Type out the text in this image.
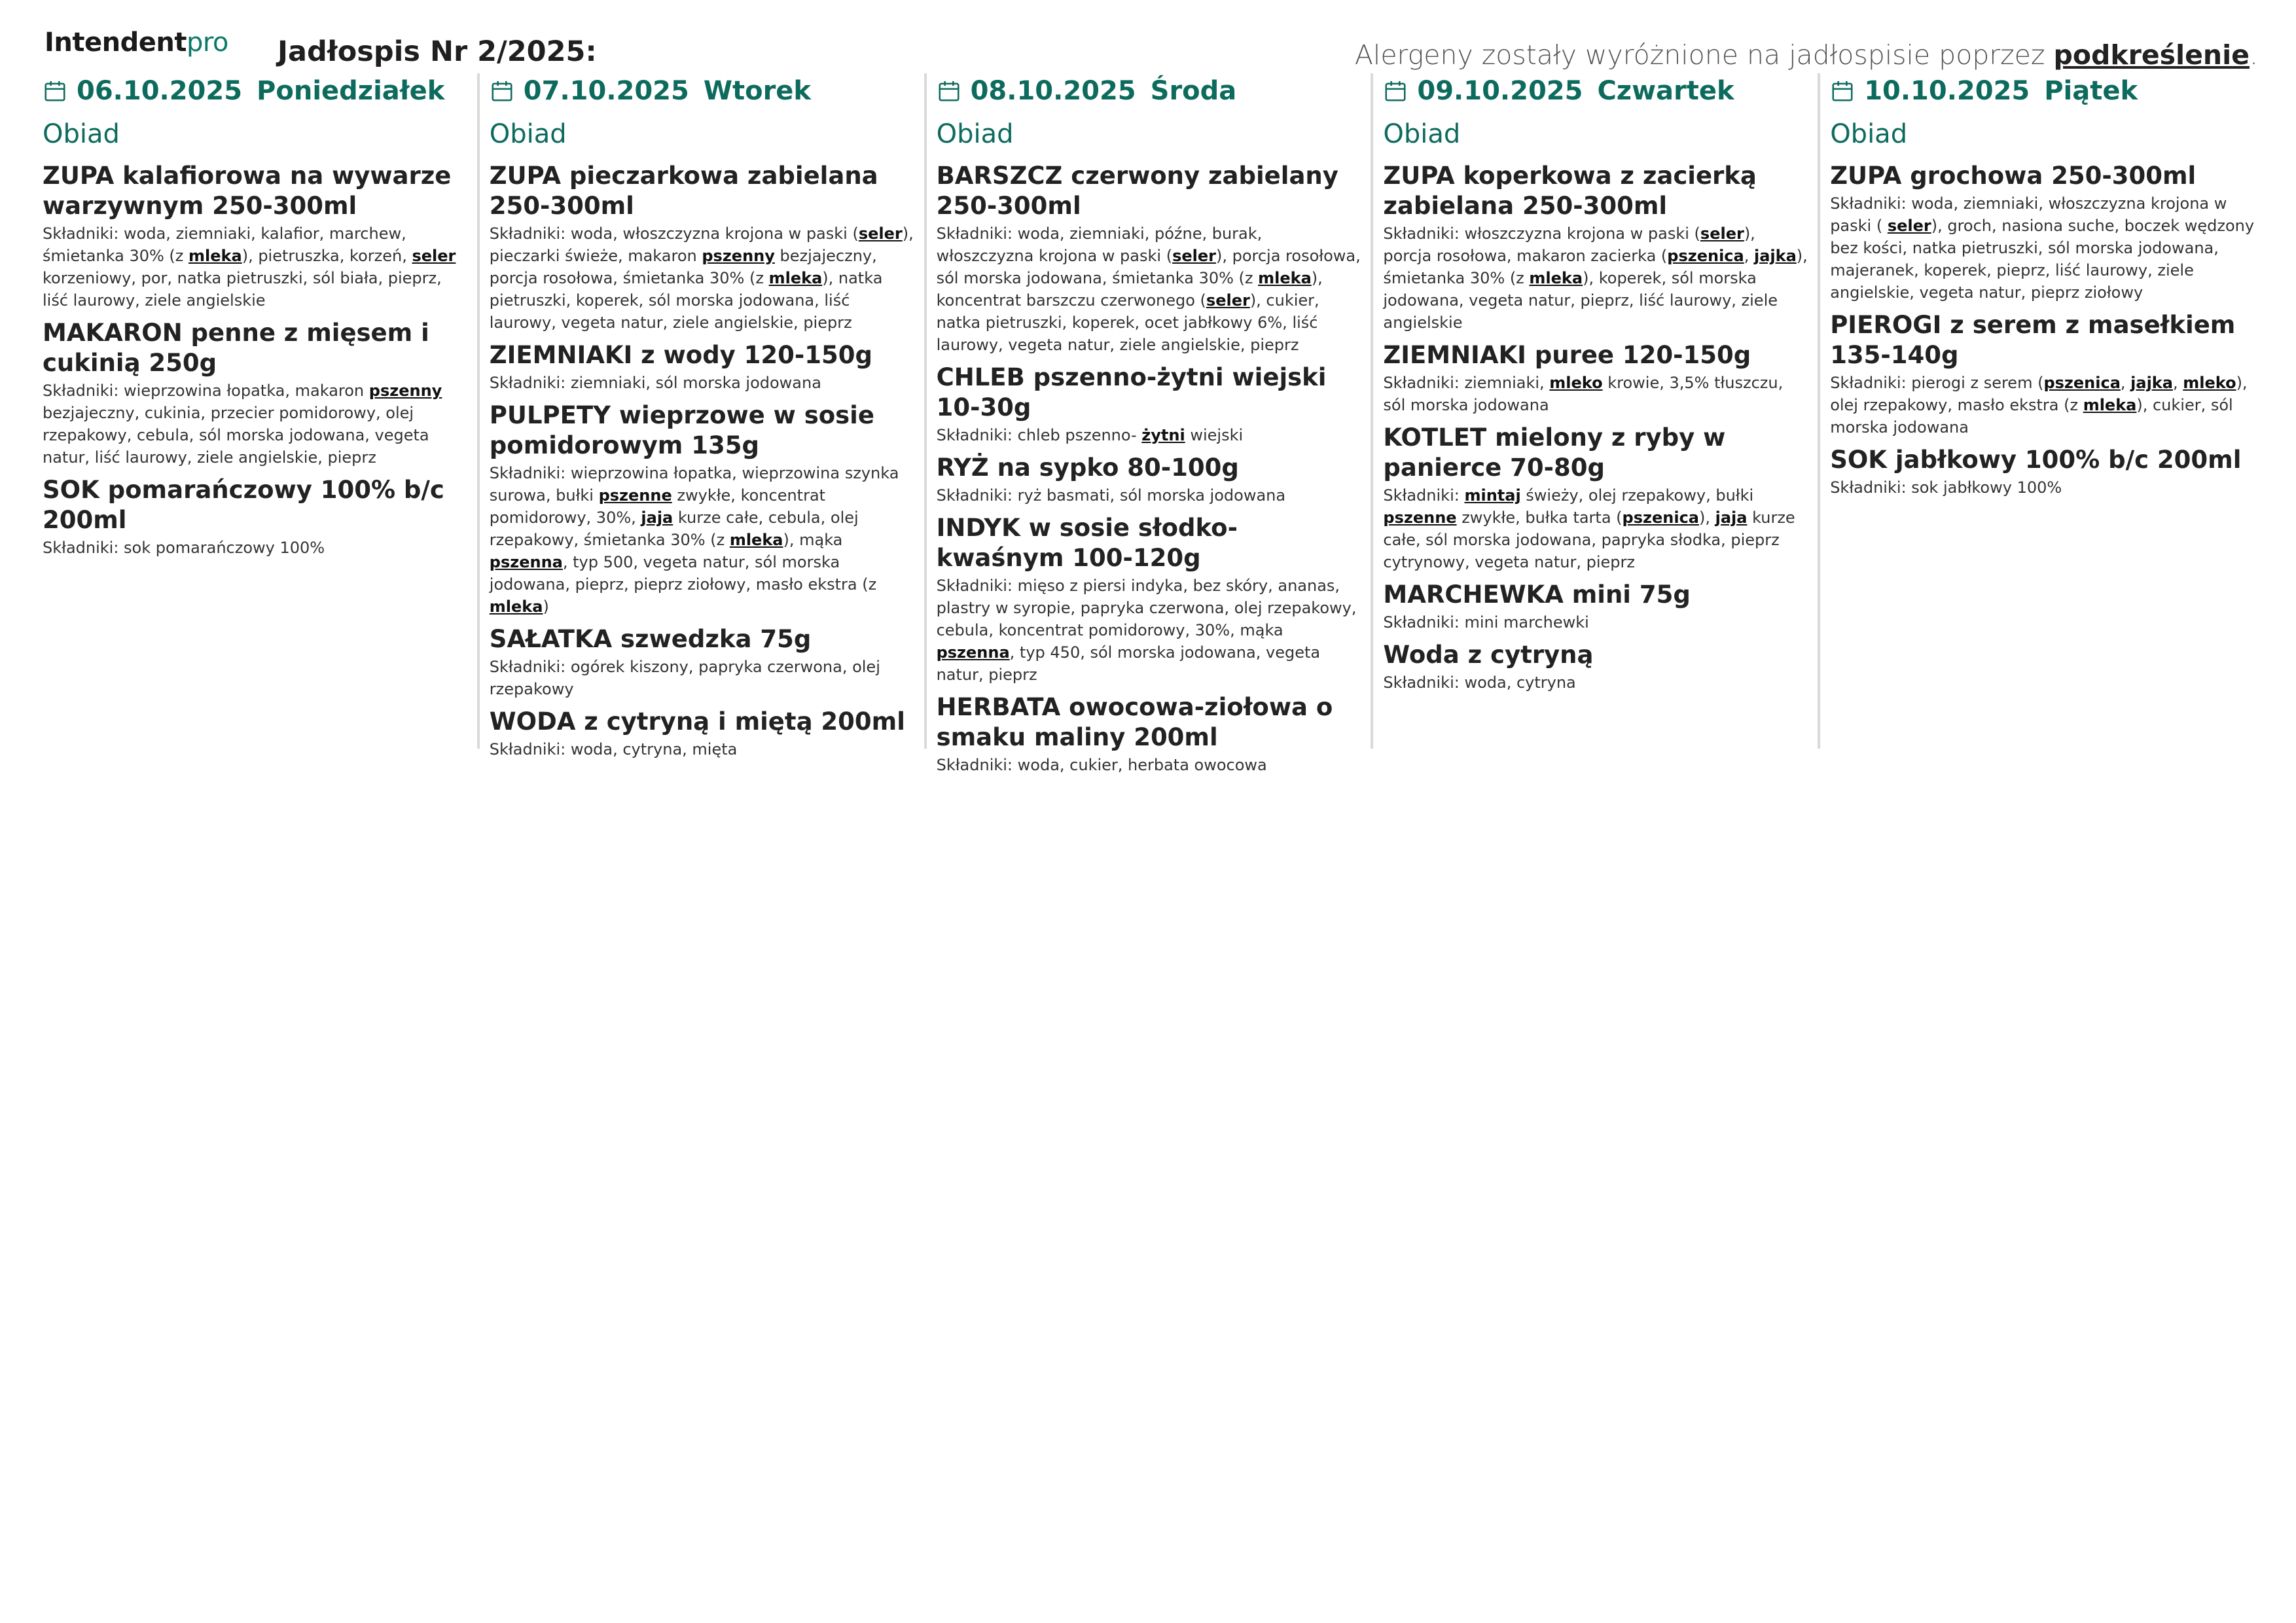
Intendentpro Jadłospis Nr 2/2025:	Alergeny zostały wyróżnione na jadłospisie poprzez podkreślenie.
06.10.2025 Poniedziałek
Obiad
ZUPA kalafiorowa na wywarze warzywnym 250-300ml
Składniki: woda, ziemniaki, kalafior, marchew, śmietanka 30% (z mleka), pietruszka, korzeń, seler korzeniowy, por, natka pietruszki, sól biała, pieprz, liść laurowy, ziele angielskie
MAKARON penne z mięsem i cukinią 250g
Składniki: wieprzowina łopatka, makaron pszenny bezjajeczny, cukinia, przecier pomidorowy, olej rzepakowy, cebula, sól morska jodowana, vegeta natur, liść laurowy, ziele angielskie, pieprz
SOK pomarańczowy 100% b/c 200ml
Składniki: sok pomarańczowy 100%
07.10.2025 Wtorek
Obiad
ZUPA pieczarkowa zabielana 250-300ml
Składniki: woda, włoszczyzna krojona w paski (seler), pieczarki świeże, makaron pszenny bezjajeczny, porcja rosołowa, śmietanka 30% (z mleka), natka pietruszki, koperek, sól morska jodowana, liść laurowy, vegeta natur, ziele angielskie, pieprz
ZIEMNIAKI z wody 120-150g
Składniki: ziemniaki, sól morska jodowana
PULPETY wieprzowe w sosie pomidorowym 135g
Składniki: wieprzowina łopatka, wieprzowina szynka surowa, bułki pszenne zwykłe, koncentrat pomidorowy, 30%, jaja kurze całe, cebula, olej rzepakowy, śmietanka 30% (z mleka), mąka pszenna, typ 500, vegeta natur, sól morska jodowana, pieprz, pieprz ziołowy, masło ekstra (z mleka)
SAŁATKA szwedzka 75g
Składniki: ogórek kiszony, papryka czerwona, olej rzepakowy
WODA z cytryną i miętą 200ml
Składniki: woda, cytryna, mięta
08.10.2025 Środa
Obiad
BARSZCZ czerwony zabielany 250-300ml
Składniki: woda, ziemniaki, późne, burak, włoszczyzna krojona w paski (seler), porcja rosołowa, sól morska jodowana, śmietanka 30% (z mleka), koncentrat barszczu czerwonego (seler), cukier, natka pietruszki, koperek, ocet jabłkowy 6%, liść laurowy, vegeta natur, ziele angielskie, pieprz
CHLEB pszenno-żytni wiejski 10-30g
Składniki: chleb pszenno- żytni wiejski
RYŻ na sypko 80-100g
Składniki: ryż basmati, sól morska jodowana
INDYK w sosie słodko- kwaśnym 100-120g
Składniki: mięso z piersi indyka, bez skóry, ananas, plastry w syropie, papryka czerwona, olej rzepakowy, cebula, koncentrat pomidorowy, 30%, mąka pszenna, typ 450, sól morska jodowana, vegeta natur, pieprz
HERBATA owocowa-ziołowa o smaku maliny 200ml
Składniki: woda, cukier, herbata owocowa
09.10.2025 Czwartek
Obiad
ZUPA koperkowa z zacierką zabielana 250-300ml
Składniki: włoszczyzna krojona w paski (seler), porcja rosołowa, makaron zacierka (pszenica, jajka), śmietanka 30% (z mleka), koperek, sól morska jodowana, vegeta natur, pieprz, liść laurowy, ziele angielskie
ZIEMNIAKI puree 120-150g
Składniki: ziemniaki, mleko krowie, 3,5% tłuszczu, sól morska jodowana
KOTLET mielony z ryby w panierce 70-80g
Składniki: mintaj świeży, olej rzepakowy, bułki pszenne zwykłe, bułka tarta (pszenica), jaja kurze całe, sól morska jodowana, papryka słodka, pieprz cytrynowy, vegeta natur, pieprz
MARCHEWKA mini 75g
Składniki: mini marchewki
Woda z cytryną
Składniki: woda, cytryna
10.10.2025 Piątek
Obiad
ZUPA grochowa 250-300ml
Składniki: woda, ziemniaki, włoszczyzna krojona w paski ( seler), groch, nasiona suche, boczek wędzony bez kości, natka pietruszki, sól morska jodowana, majeranek, koperek, pieprz, liść laurowy, ziele angielskie, vegeta natur, pieprz ziołowy
PIEROGI z serem z masełkiem 135-140g
Składniki: pierogi z serem (pszenica, jajka, mleko), olej rzepakowy, masło ekstra (z mleka), cukier, sól morska jodowana
SOK jabłkowy 100% b/c 200ml
Składniki: sok jabłkowy 100%
